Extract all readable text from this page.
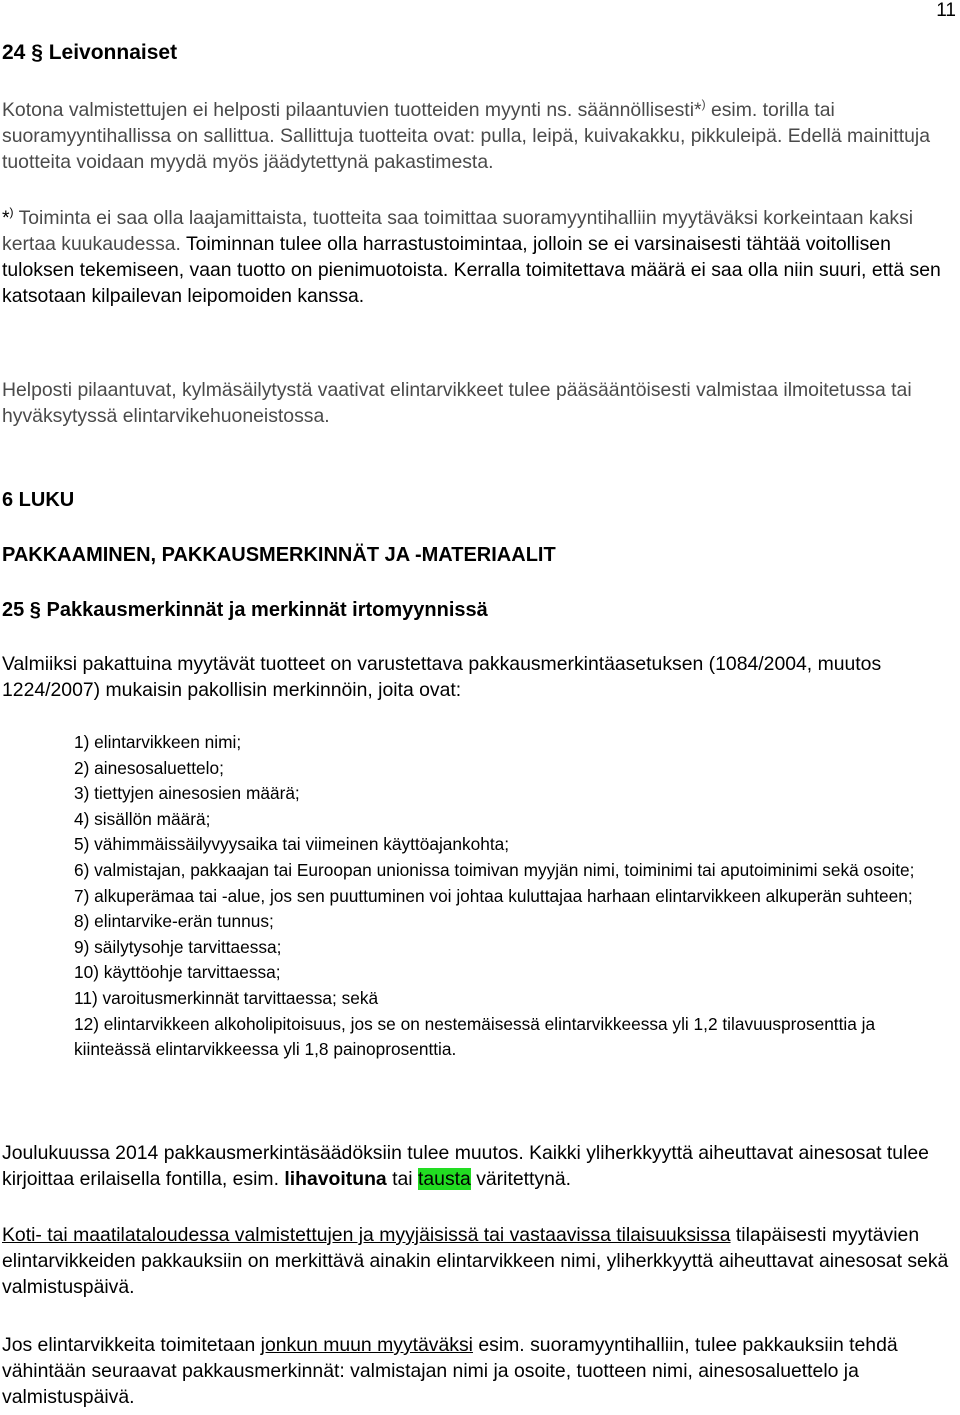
11
24 § Leivonnaiset
Kotona valmistettujen ei helposti pilaantuvien tuotteiden myynti ns. säännöllisesti*) esim. torilla tai suoramyyntihallissa on sallittua. Sallittuja tuotteita ovat: pulla, leipä, kuivakakku, pikkuleipä. Edellä mainittuja tuotteita voidaan myydä myös jäädytettynä pakastimesta.
*) Toiminta ei saa olla laajamittaista, tuotteita saa toimittaa suoramyyntihalliin myytäväksi korkeintaan kaksi kertaa kuukaudessa. Toiminnan tulee olla harrastustoimintaa, jolloin se ei varsinaisesti tähtää voitollisen tuloksen tekemiseen, vaan tuotto on pienimuotoista. Kerralla toimitettava määrä ei saa olla niin suuri, että sen katsotaan kilpailevan leipomoiden kanssa.
Helposti pilaantuvat, kylmäsäilytystä vaativat elintarvikkeet tulee pääsääntöisesti valmistaa ilmoitetussa tai hyväksytyssä elintarvikehuoneistossa.
6 LUKU
PAKKAAMINEN, PAKKAUSMERKINNÄT JA -MATERIAALIT
25 § Pakkausmerkinnät ja merkinnät irtomyynnissä
Valmiiksi pakattuina myytävät tuotteet on varustettava pakkausmerkintäasetuksen (1084/2004, muutos 1224/2007) mukaisin pakollisin merkinnöin, joita ovat:
1) elintarvikkeen nimi;
2) ainesosaluettelo;
3) tiettyjen ainesosien määrä;
4) sisällön määrä;
5) vähimmäissäilyvyysaika tai viimeinen käyttöajankohta;
6) valmistajan, pakkaajan tai Euroopan unionissa toimivan myyjän nimi, toiminimi tai aputoiminimi sekä osoite;
7) alkuperämaa tai -alue, jos sen puuttuminen voi johtaa kuluttajaa harhaan elintarvikkeen alkuperän suhteen;
8) elintarvike-erän tunnus;
9) säilytysohje tarvittaessa;
10) käyttöohje tarvittaessa;
11) varoitusmerkinnät tarvittaessa; sekä
12) elintarvikkeen alkoholipitoisuus, jos se on nestemäisessä elintarvikkeessa yli 1,2 tilavuusprosenttia ja kiinteässä elintarvikkeessa yli 1,8 painoprosenttia.
Joulukuussa 2014 pakkausmerkintäsäädöksiin tulee muutos. Kaikki yliherkkyyttä aiheuttavat ainesosat tulee kirjoittaa erilaisella fontilla, esim. lihavoituna tai tausta väritettynä.
Koti- tai maatilataloudessa valmistettujen ja myyjäisissä tai vastaavissa tilaisuuksissa tilapäisesti myytävien elintarvikkeiden pakkauksiin on merkittävä ainakin elintarvikkeen nimi, yliherkkyyttä aiheuttavat ainesosat sekä valmistuspäivä.
Jos elintarvikkeita toimitetaan jonkun muun myytäväksi esim. suoramyyntihalliin, tulee pakkauksiin tehdä vähintään seuraavat pakkausmerkinnät: valmistajan nimi ja osoite, tuotteen nimi, ainesosaluettelo ja valmistuspäivä.
